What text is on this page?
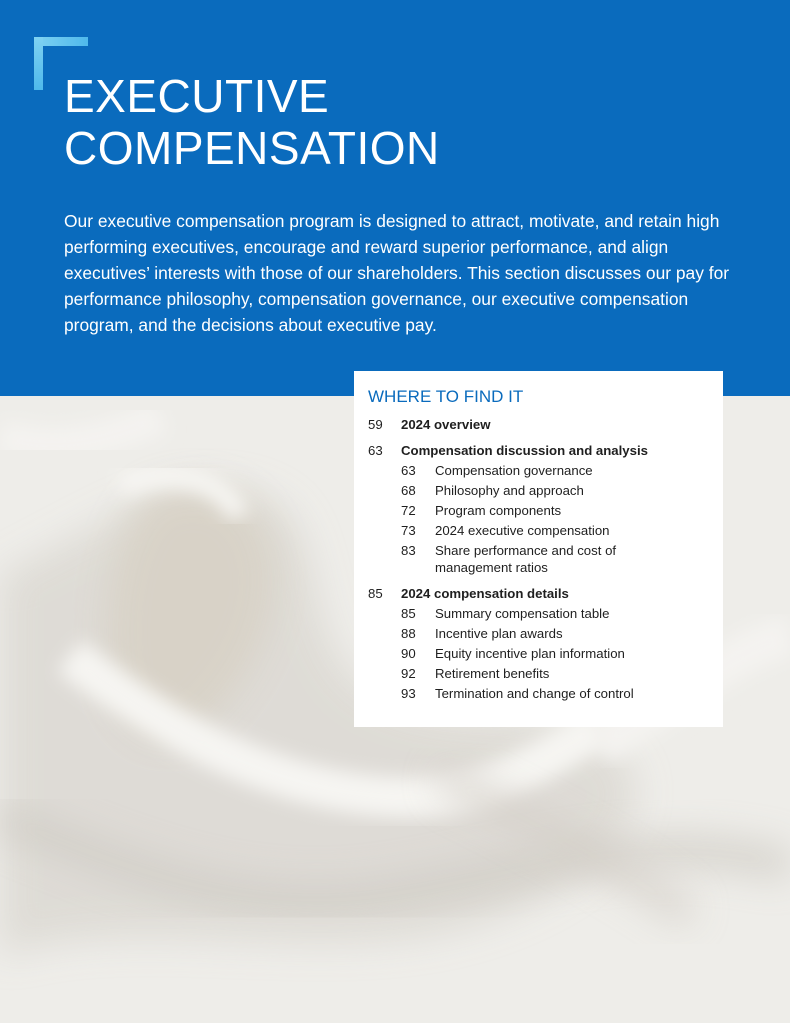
EXECUTIVE
COMPENSATION

Our executive compensation program is designed to attract, motivate, and retain high performing executives, encourage and reward superior performance, and align executives’ interests with those of our shareholders. This section discusses our pay for performance philosophy, compensation governance, our executive compensation program, and the decisions about executive pay.

WHERE TO FIND IT
59 2024 overview
63 Compensation discussion and analysis
63 Compensation governance
68 Philosophy and approach
72 Program components
73 2024 executive compensation
83 Share performance and cost of management ratios
85 2024 compensation details
85 Summary compensation table
88 Incentive plan awards
90 Equity incentive plan information
92 Retirement benefits
93 Termination and change of control
